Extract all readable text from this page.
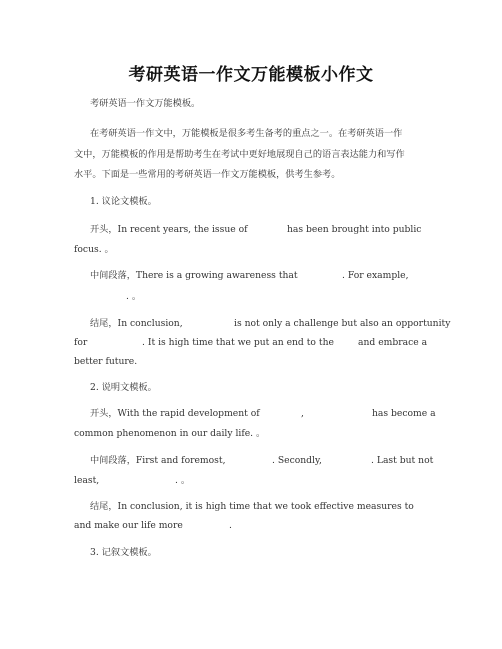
考研英语一作文万能模板小作文
考研英语一作文万能模板。
在考研英语一作文中，万能模板是很多考生备考的重点之一。在考研英语一作
文中，万能模板的作用是帮助考生在考试中更好地展现自己的语言表达能力和写作
水平。下面是一些常用的考研英语一作文万能模板，供考生参考。
1. 议论文模板。
开头，In recent years, the issue of	has been brought into public
focus. 。
中间段落，There is a growing awareness that	. For example,
. 。
结尾，In conclusion,	is not only a challenge but also an opportunity
for	. It is high time that we put an end to the	and embrace a
better future.
2. 说明文模板。
开头，With the rapid development of	,	has become a
common phenomenon in our daily life. 。
中间段落，First and foremost,	. Secondly,	. Last but not
least,	. 。
结尾，In conclusion, it is high time that we took effective measures to
and make our life more	.
3. 记叙文模板。
